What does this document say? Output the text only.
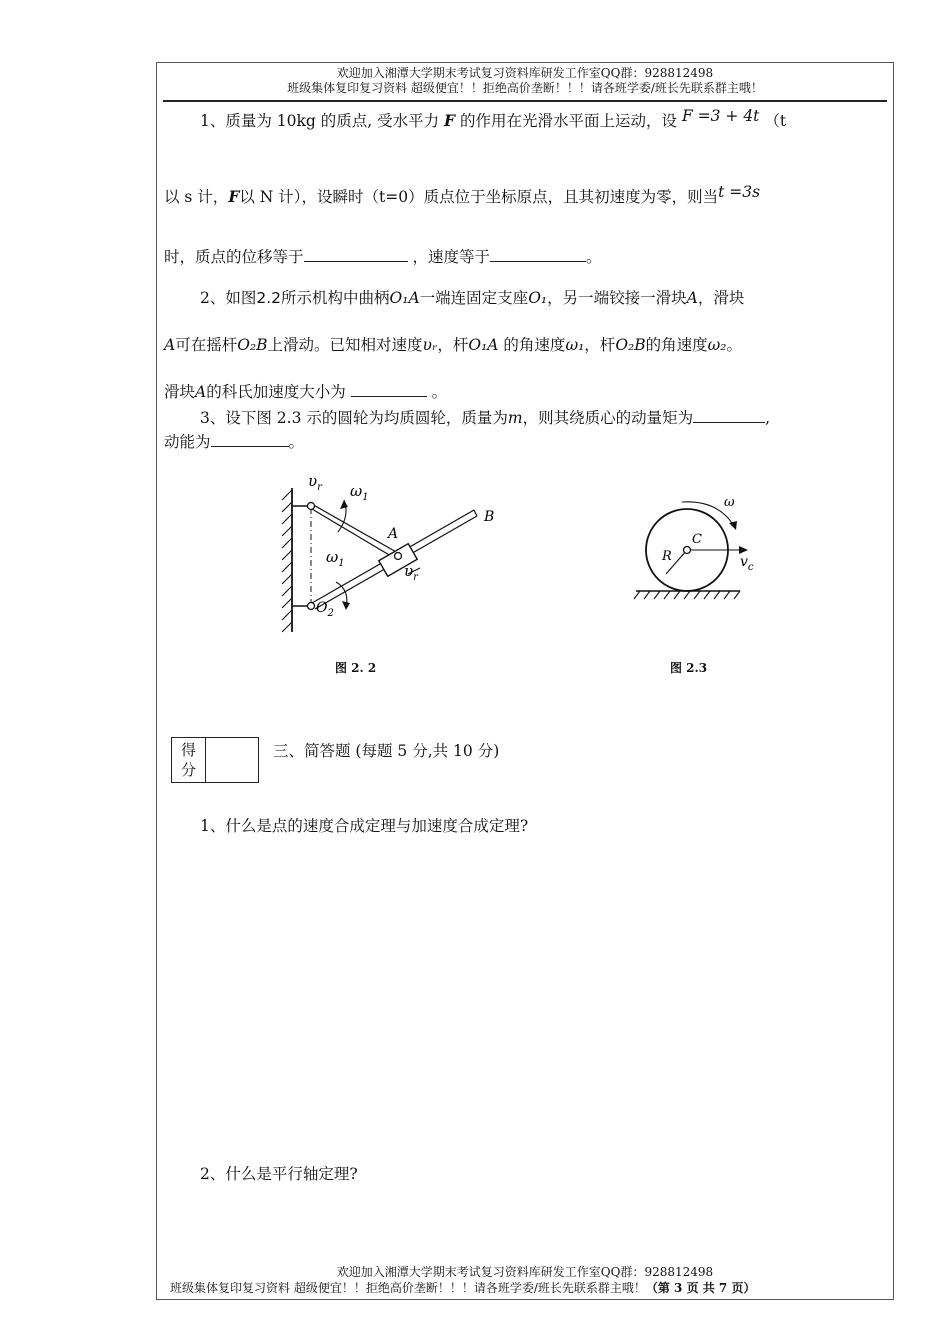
欢迎加入湘潭大学期末考试复习资料库研发工作室QQ群：928812498
班级集体复印复习资料 超级便宜！！拒绝高价垄断！！！请各班学委/班长先联系群主哦！
1、质量为 10kg 的质点, 受水平力 F 的作用在光滑水平面上运动，设 F =3 + 4t （t
以 s 计，F以 N 计），设瞬时（t=0）质点位于坐标原点，且其初速度为零，则当t =3s
时，质点的位移等于	，速度等于	。
2、如图2.2所示机构中曲柄O₁A一端连固定支座O₁，另一端铰接一滑块A，滑块
A可在摇杆O₂B上滑动。已知相对速度υᵣ，杆O₁A 的角速度ω₁，杆O₂B的角速度ω₂。
滑块A的科氏加速度大小为	。
3、设下图 2.3 示的圆轮为均质圆轮，质量为m，则其绕质心的动量矩为	,
动能为	。
$\upsilon_r$ $\omega_1$
$\omega_1$
A
B
$\upsilon_r$
$O_2$
图 2. 2
ω
C
R	$v_c$
图 2.3
得
分
三、简答题 (每题 5 分,共 10 分)
1、什么是点的速度合成定理与加速度合成定理?
2、什么是平行轴定理?
欢迎加入湘潭大学期末考试复习资料库研发工作室QQ群：928812498
班级集体复印复习资料 超级便宜！！拒绝高价垄断！！！请各班学委/班长先联系群主哦！（第 3 页 共 7 页）
